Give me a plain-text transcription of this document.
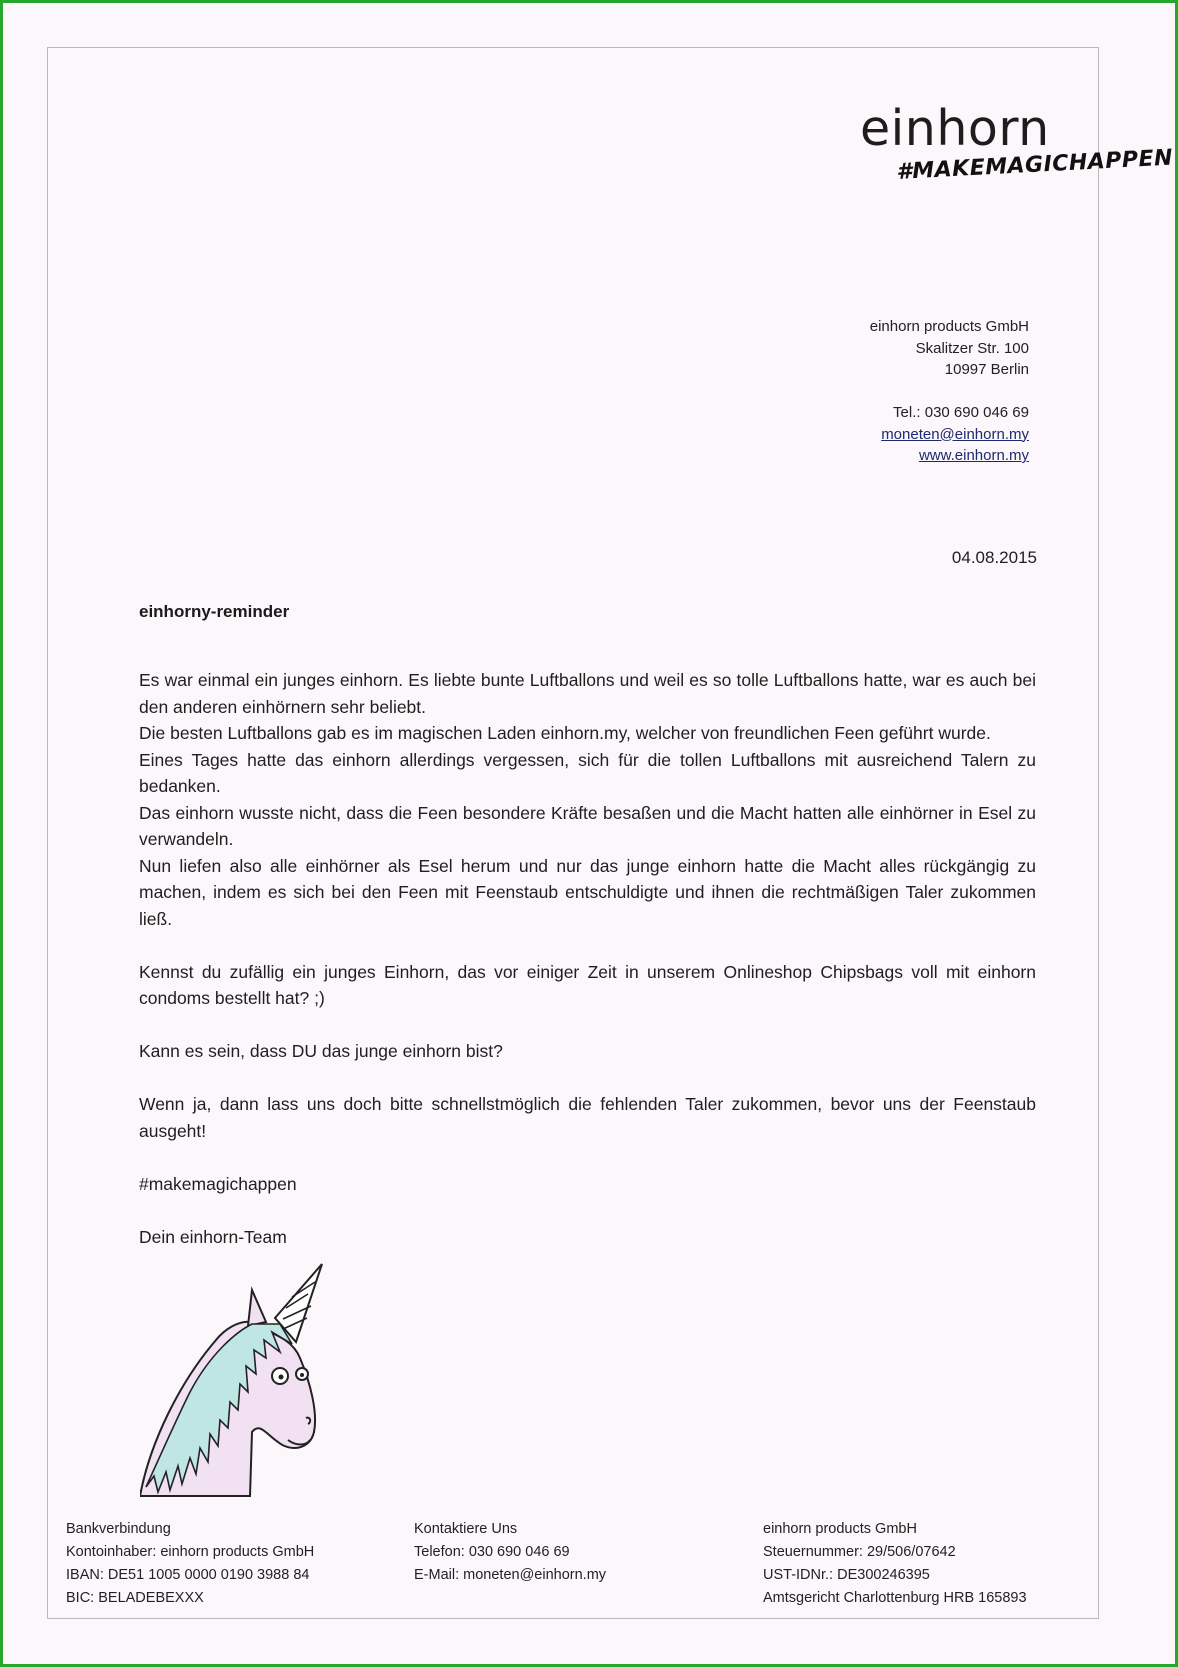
einhorn
#MAKEMAGICHAPPEN
einhorn products GmbH
Skalitzer Str. 100
10997 Berlin
Tel.: 030 690 046 69
moneten@einhorn.my
www.einhorn.my
04.08.2015
einhorny-reminder

Es war einmal ein junges einhorn. Es liebte bunte Luftballons und weil es so tolle Luftballons hatte, war es auch bei den anderen einhörnern sehr beliebt.

Die besten Luftballons gab es im magischen Laden einhorn.my, welcher von freundlichen Feen geführt wurde.

Eines Tages hatte das einhorn allerdings vergessen, sich für die tollen Luftballons mit ausreichend Talern zu bedanken.

Das einhorn wusste nicht, dass die Feen besondere Kräfte besaßen und die Macht hatten alle einhörner in Esel zu verwandeln.

Nun liefen also alle einhörner als Esel herum und nur das junge einhorn hatte die Macht alles rückgängig zu machen, indem es sich bei den Feen mit Feenstaub entschuldigte und ihnen die rechtmäßigen Taler zukommen ließ.

Kennst du zufällig ein junges Einhorn, das vor einiger Zeit in unserem Onlineshop Chipsbags voll mit einhorn condoms bestellt hat? ;)

Kann es sein, dass DU das junge einhorn bist?

Wenn ja, dann lass uns doch bitte schnellstmöglich die fehlenden Taler zukommen, bevor uns der Feenstaub ausgeht!

#makemagichappen

Dein einhorn-Team

Bankverbindung
Kontoinhaber: einhorn products GmbH
IBAN: DE51 1005 0000 0190 3988 84
BIC: BELADEBEXXX
Kontaktiere Uns
Telefon: 030 690 046 69
E-Mail: moneten@einhorn.my
einhorn products GmbH
Steuernummer: 29/506/07642
UST-IDNr.: DE300246395
Amtsgericht Charlottenburg HRB 165893
